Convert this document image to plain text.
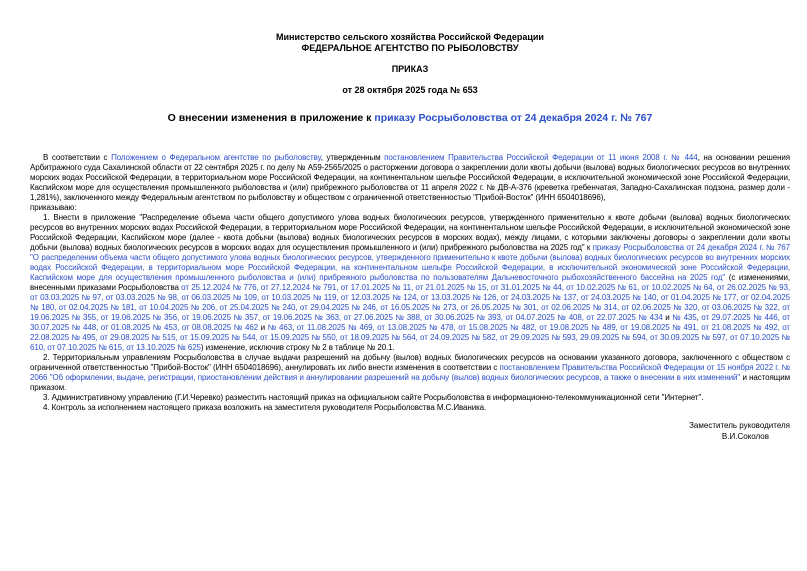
Министерство сельского хозяйства Российской Федерации
ФЕДЕРАЛЬНОЕ АГЕНТСТВО ПО РЫБОЛОВСТВУ
ПРИКАЗ
от 28 октября 2025 года № 653
О внесении изменения в приложение к приказу Росрыболовства от 24 декабря 2024 г. № 767

В соответствии с Положением о Федеральном агентстве по рыболовству, утвержденным постановлением Правительства Российской Федерации от 11 июня 2008 г. № 444, на основании решения Арбитражного суда Сахалинской области от 22 сентября 2025 г. по делу № А59-2565/2025 о расторжении договора о закреплении доли квоты добычи (вылова) водных биологических ресурсов во внутренних морских водах Российской Федерации, в территориальном море Российской Федерации, на континентальном шельфе Российской Федерации, в исключительной экономической зоне Российской Федерации, Каспийском море для осуществления промышленного рыболовства и (или) прибрежного рыболовства от 11 апреля 2022 г. № ДВ-А-376 (креветка гребенчатая, Западно-Сахалинская подзона, размер доли - 1,281%), заключенного между Федеральным агентством по рыболовству и обществом с ограниченной ответственностью "Прибой-Восток" (ИНН 6504018696),

приказываю:

1. Внести в приложение "Распределение объема части общего допустимого улова водных биологических ресурсов, утвержденного применительно к квоте добычи (вылова) водных биологических ресурсов во внутренних морских водах Российской Федерации, в территориальном море Российской Федерации, на континентальном шельфе Российской Федерации, в исключительной экономической зоне Российской Федерации, Каспийском море (далее - квота добычи (вылова) водных биологических ресурсов в морских водах), между лицами, с которыми заключены договоры о закреплении доли квоты добычи (вылова) водных биологических ресурсов в морских водах для осуществления промышленного и (или) прибрежного рыболовства на 2025 год" к приказу Росрыболовства от 24 декабря 2024 г. № 767 "О распределении объема части общего допустимого улова водных биологических ресурсов, утвержденного применительно к квоте добычи (вылова) водных биологических ресурсов во внутренних морских водах Российской Федерации, в территориальном море Российской Федерации, на континентальном шельфе Российской Федерации, в исключительной экономической зоне Российской Федерации, Каспийском море для осуществления промышленного рыболовства и (или) прибрежного рыболовства по пользователям Дальневосточного рыбохозяйственного бассейна на 2025 год" (с изменениями, внесенными приказами Росрыболовства от 25.12.2024 № 776, от 27.12.2024 № 791, от 17.01.2025 № 11, от 21.01.2025 № 15, от 31.01.2025 № 44, от 10.02.2025 № 61, от 10.02.2025 № 64, от 26.02.2025 № 93, от 03.03.2025 № 97, от 03.03.2025 № 98, от 06.03.2025 № 109, от 10.03.2025 № 119, от 12.03.2025 № 124, от 13.03.2025 № 126, от 24.03.2025 № 137, от 24.03.2025 № 140, от 01.04.2025 № 177, от 02.04.2025 № 180, от 02.04.2025 № 181, от 10.04.2025 № 206, от 25.04.2025 № 240, от 29.04.2025 № 246, от 16.05.2025 № 273, от 26.05.2025 № 301, от 02.06.2025 № 314, от 02.06.2025 № 320, от 03.06.2025 № 322, от 19.06.2025 № 355, от 19.06.2025 № 356, от 19.06.2025 № 357, от 19.06.2025 № 363, от 27.06.2025 № 388, от 30.06.2025 № 393, от 04.07.2025 № 408, от 22.07.2025 № 434 и № 435, от 29.07.2025 № 446, от 30.07.2025 № 448, от 01.08.2025 № 453, от 08.08.2025 № 462 и № 463, от 11.08.2025 № 469, от 13.08.2025 № 478, от 15.08.2025 № 482, от 19.08.2025 № 489, от 19.08.2025 № 491, от 21.08.2025 № 492, от 22.08.2025 № 495, от 29.08.2025 № 515, от 15.09.2025 № 544, от 15.09.2025 № 550, от 18.09.2025 № 564, от 24.09.2025 № 582, от 29.09.2025 № 593, 29.09.2025 № 594, от 30.09.2025 № 597, от 07.10.2025 № 610, от 07.10.2025 № 615, от 13.10.2025 № 625) изменение, исключив строку № 2 в таблице № 20.1.

2. Территориальным управлениям Росрыболовства в случае выдачи разрешений на добычу (вылов) водных биологических ресурсов на основании указанного договора, заключенного с обществом с ограниченной ответственностью "Прибой-Восток" (ИНН 6504018696), аннулировать их либо внести изменения в соответствии с постановлением Правительства Российской Федерации от 15 ноября 2022 г. № 2066 "Об оформлении, выдаче, регистрации, приостановлении действия и аннулировании разрешений на добычу (вылов) водных биологических ресурсов, а также о внесении в них изменений" и настоящим приказом.

3. Административному управлению (Г.И.Черевко) разместить настоящий приказ на официальном сайте Росрыболовства в информационно-телекоммуникационной сети "Интернет".

4. Контроль за исполнением настоящего приказа возложить на заместителя руководителя Росрыболовства М.С.Иваника.

Заместитель руководителя
В.И.Соколов
